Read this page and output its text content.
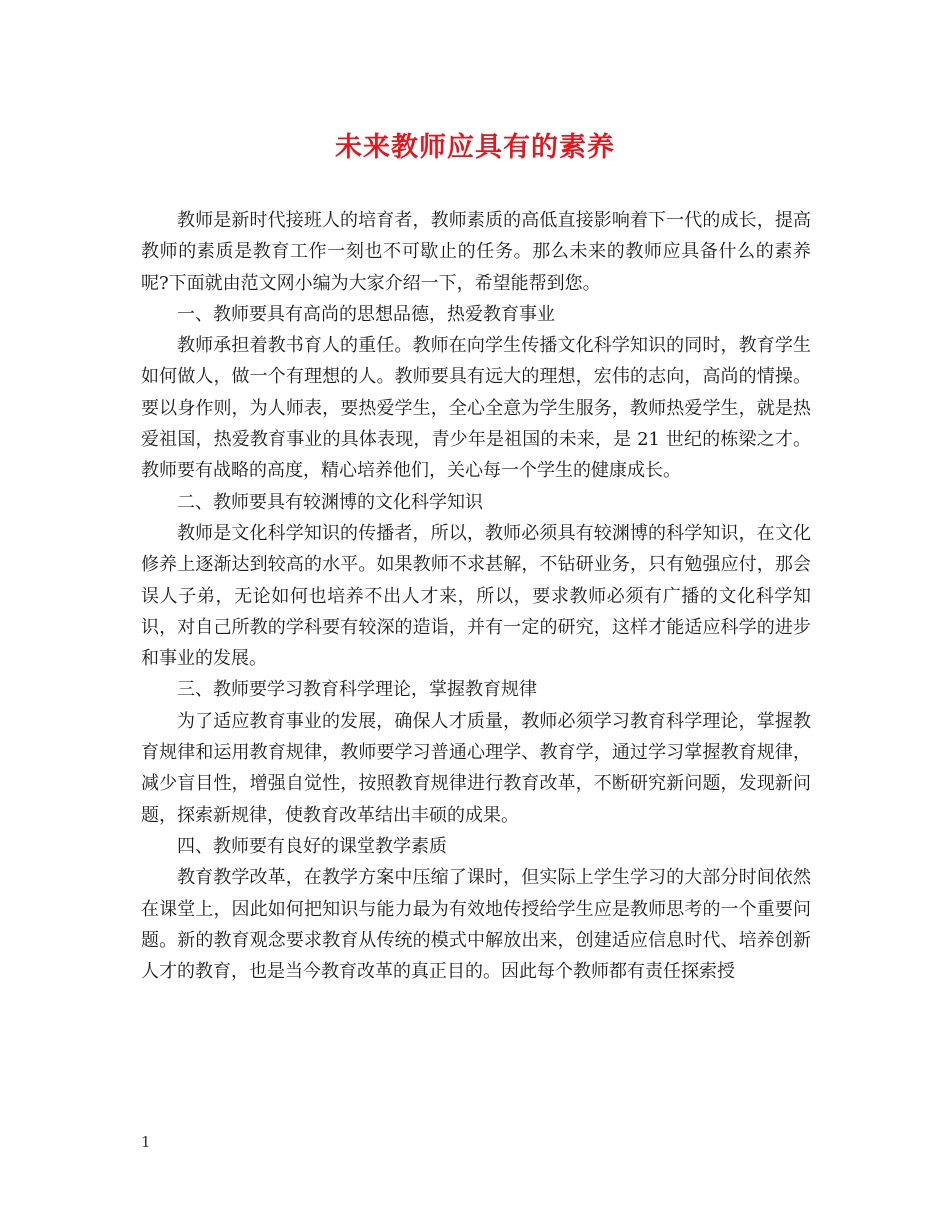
未来教师应具有的素养

教师是新时代接班人的培育者，教师素质的高低直接影响着下一代的成长，提高教师的素质是教育工作一刻也不可歇止的任务。那么未来的教师应具备什么的素养呢?下面就由范文网小编为大家介绍一下，希望能帮到您。

一、教师要具有高尚的思想品德，热爱教育事业

教师承担着教书育人的重任。教师在向学生传播文化科学知识的同时，教育学生如何做人，做一个有理想的人。教师要具有远大的理想，宏伟的志向，高尚的情操。要以身作则，为人师表，要热爱学生，全心全意为学生服务，教师热爱学生，就是热爱祖国，热爱教育事业的具体表现，青少年是祖国的未来，是 21 世纪的栋梁之才。教师要有战略的高度，精心培养他们，关心每一个学生的健康成长。

二、教师要具有较渊博的文化科学知识

教师是文化科学知识的传播者，所以，教师必须具有较渊博的科学知识，在文化修养上逐渐达到较高的水平。如果教师不求甚解，不钻研业务，只有勉强应付，那会误人子弟，无论如何也培养不出人才来，所以，要求教师必须有广播的文化科学知识，对自己所教的学科要有较深的造诣，并有一定的研究，这样才能适应科学的进步和事业的发展。

三、教师要学习教育科学理论，掌握教育规律

为了适应教育事业的发展，确保人才质量，教师必须学习教育科学理论，掌握教育规律和运用教育规律，教师要学习普通心理学、教育学，通过学习掌握教育规律，减少盲目性，增强自觉性，按照教育规律进行教育改革，不断研究新问题，发现新问题，探索新规律，使教育改革结出丰硕的成果。

四、教师要有良好的课堂教学素质

教育教学改革，在教学方案中压缩了课时，但实际上学生学习的大部分时间依然在课堂上，因此如何把知识与能力最为有效地传授给学生应是教师思考的一个重要问题。新的教育观念要求教育从传统的模式中解放出来，创建适应信息时代、培养创新人才的教育，也是当今教育改革的真正目的。因此每个教师都有责任探索授

1
